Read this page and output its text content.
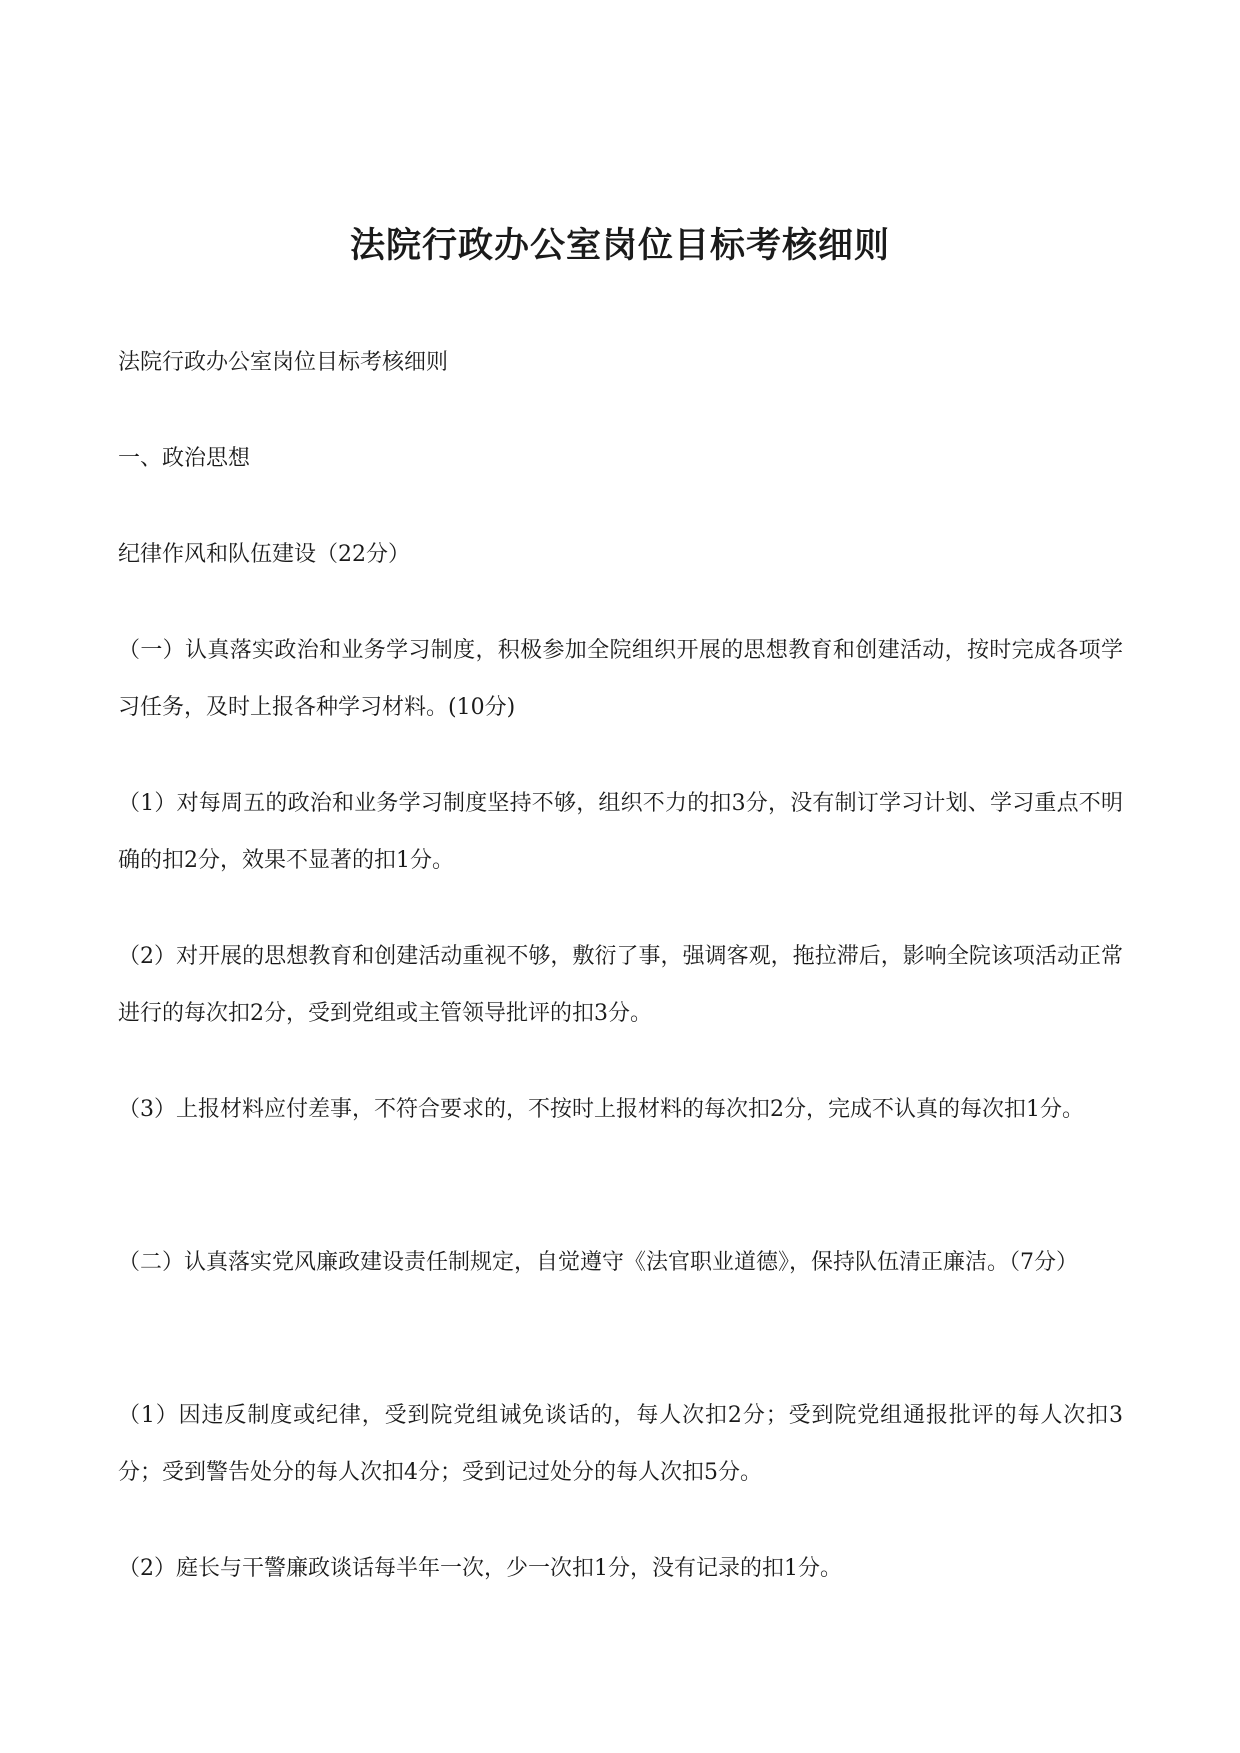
法院行政办公室岗位目标考核细则

法院行政办公室岗位目标考核细则

一、政治思想

纪律作风和队伍建设（22分）

（一）认真落实政治和业务学习制度，积极参加全院组织开展的思想教育和创建活动，按时完成各项学习任务，及时上报各种学习材料。(10分)

（1）对每周五的政治和业务学习制度坚持不够，组织不力的扣3分，没有制订学习计划、学习重点不明确的扣2分，效果不显著的扣1分。

（2）对开展的思想教育和创建活动重视不够，敷衍了事，强调客观，拖拉滞后，影响全院该项活动正常进行的每次扣2分，受到党组或主管领导批评的扣3分。

（3）上报材料应付差事，不符合要求的，不按时上报材料的每次扣2分，完成不认真的每次扣1分。

（二）认真落实党风廉政建设责任制规定，自觉遵守《法官职业道德》，保持队伍清正廉洁。（7分）

（1）因违反制度或纪律，受到院党组诫免谈话的，每人次扣2分；受到院党组通报批评的每人次扣3分；受到警告处分的每人次扣4分；受到记过处分的每人次扣5分。

（2）庭长与干警廉政谈话每半年一次，少一次扣1分，没有记录的扣1分。
